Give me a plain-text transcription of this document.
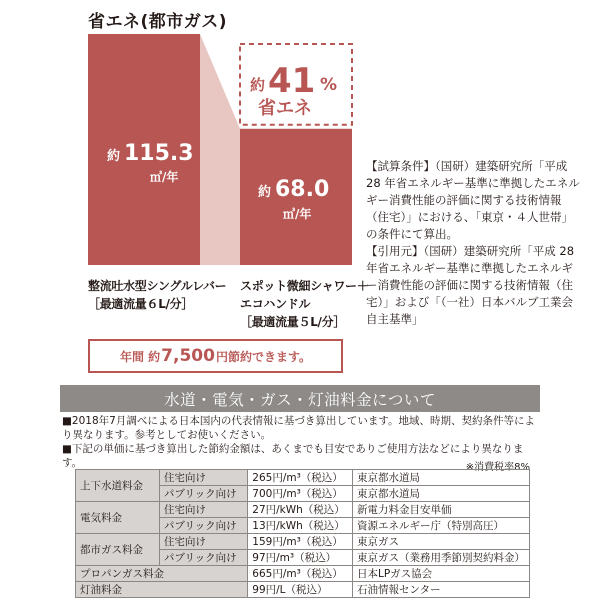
省エネ(都市ガス)
約 115.3
㎥/年
約 68.0
㎥/年
約 41 %
省エネ

【試算条件】（国研）建築研究所「平成 28 年省エネルギー基準に準拠したエネルギー消費性能の評価に関する技術情報（住宅）」における、「東京・４人世帯」の条件にて算出。

【引用元】（国研）建築研究所「平成 28 年省エネルギー基準に準拠したエネルギー消費性能の評価に関する技術情報（住宅）」および「（一社）日本バルブ工業会自主基準」

整流吐水型シングルレバー
［最適流量６L/分］
スポット微細シャワー＋
エコハンドル
［最適流量５L/分］
年間 約 7,500 円 節約できます。
水道・電気・ガス・灯油料金について

■2018年7月調べによる日本国内の代表情報に基づき算出しています。地域、時期、契約条件等により異なります。参考としてお使いください。

■下記の単価に基づき算出した節約金額は、あくまでも目安でありご使用方法などにより異なります。	※消費税率8%
上下水道料金	住宅向け	265円/m³（税込）	東京都水道局
	パブリック向け	700円/m³（税込）	東京都水道局
電気料金	住宅向け	27円/kWh（税込）	新電力料金目安単価
	パブリック向け	13円/kWh（税込）	資源エネルギー庁（特別高圧）
都市ガス料金	住宅向け	159円/m³（税込）	東京ガス
	パブリック向け	97円/m³（税込）	東京ガス（業務用季節別契約料金）
プロパンガス料金		665円/m³（税込）	日本LPガス協会
灯油料金		99円/L（税込）	石油情報センター
